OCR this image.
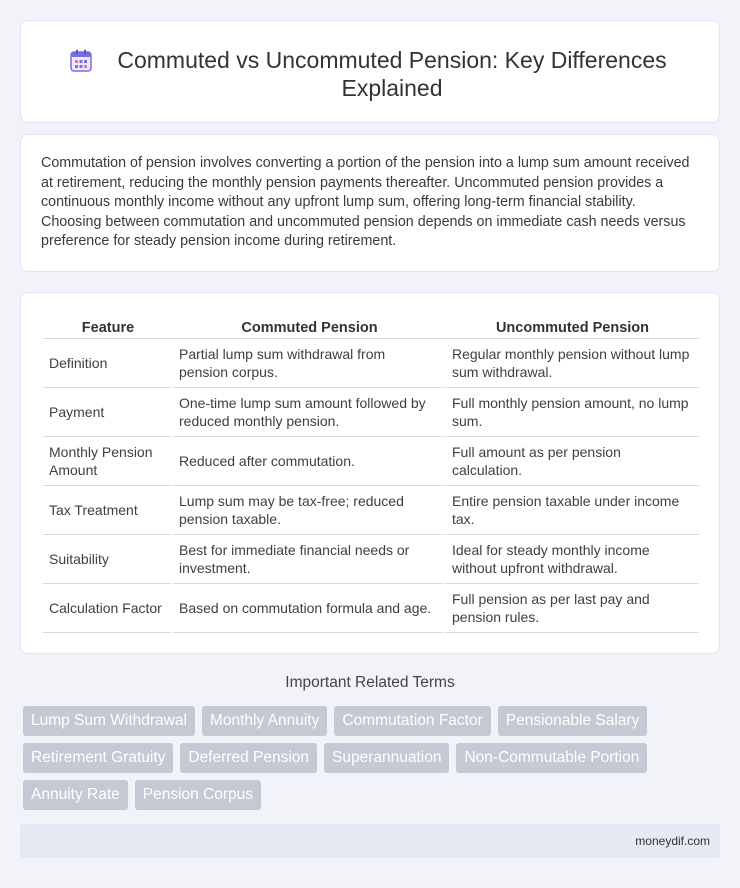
Commuted vs Uncommuted Pension: Key Differences Explained

Commutation of pension involves converting a portion of the pension into a lump sum amount received at retirement, reducing the monthly pension payments thereafter. Uncommuted pension provides a continuous monthly income without any upfront lump sum, offering long-term financial stability. Choosing between commutation and uncommuted pension depends on immediate cash needs versus preference for steady pension income during retirement.

Feature	Commuted Pension	Uncommuted Pension
Definition	Partial lump sum withdrawal from pension corpus.	Regular monthly pension without lump sum withdrawal.
Payment	One-time lump sum amount followed by reduced monthly pension.	Full monthly pension amount, no lump sum.
Monthly Pension Amount	Reduced after commutation.	Full amount as per pension calculation.
Tax Treatment	Lump sum may be tax-free; reduced pension taxable.	Entire pension taxable under income tax.
Suitability	Best for immediate financial needs or investment.	Ideal for steady monthly income without upfront withdrawal.
Calculation Factor	Based on commutation formula and age.	Full pension as per last pay and pension rules.
Important Related Terms
Lump Sum Withdrawal	Monthly Annuity	Commutation Factor	Pensionable Salary
Retirement Gratuity	Deferred Pension	Superannuation	Non-Commutable Portion
Annuity Rate	Pension Corpus
moneydif.com
